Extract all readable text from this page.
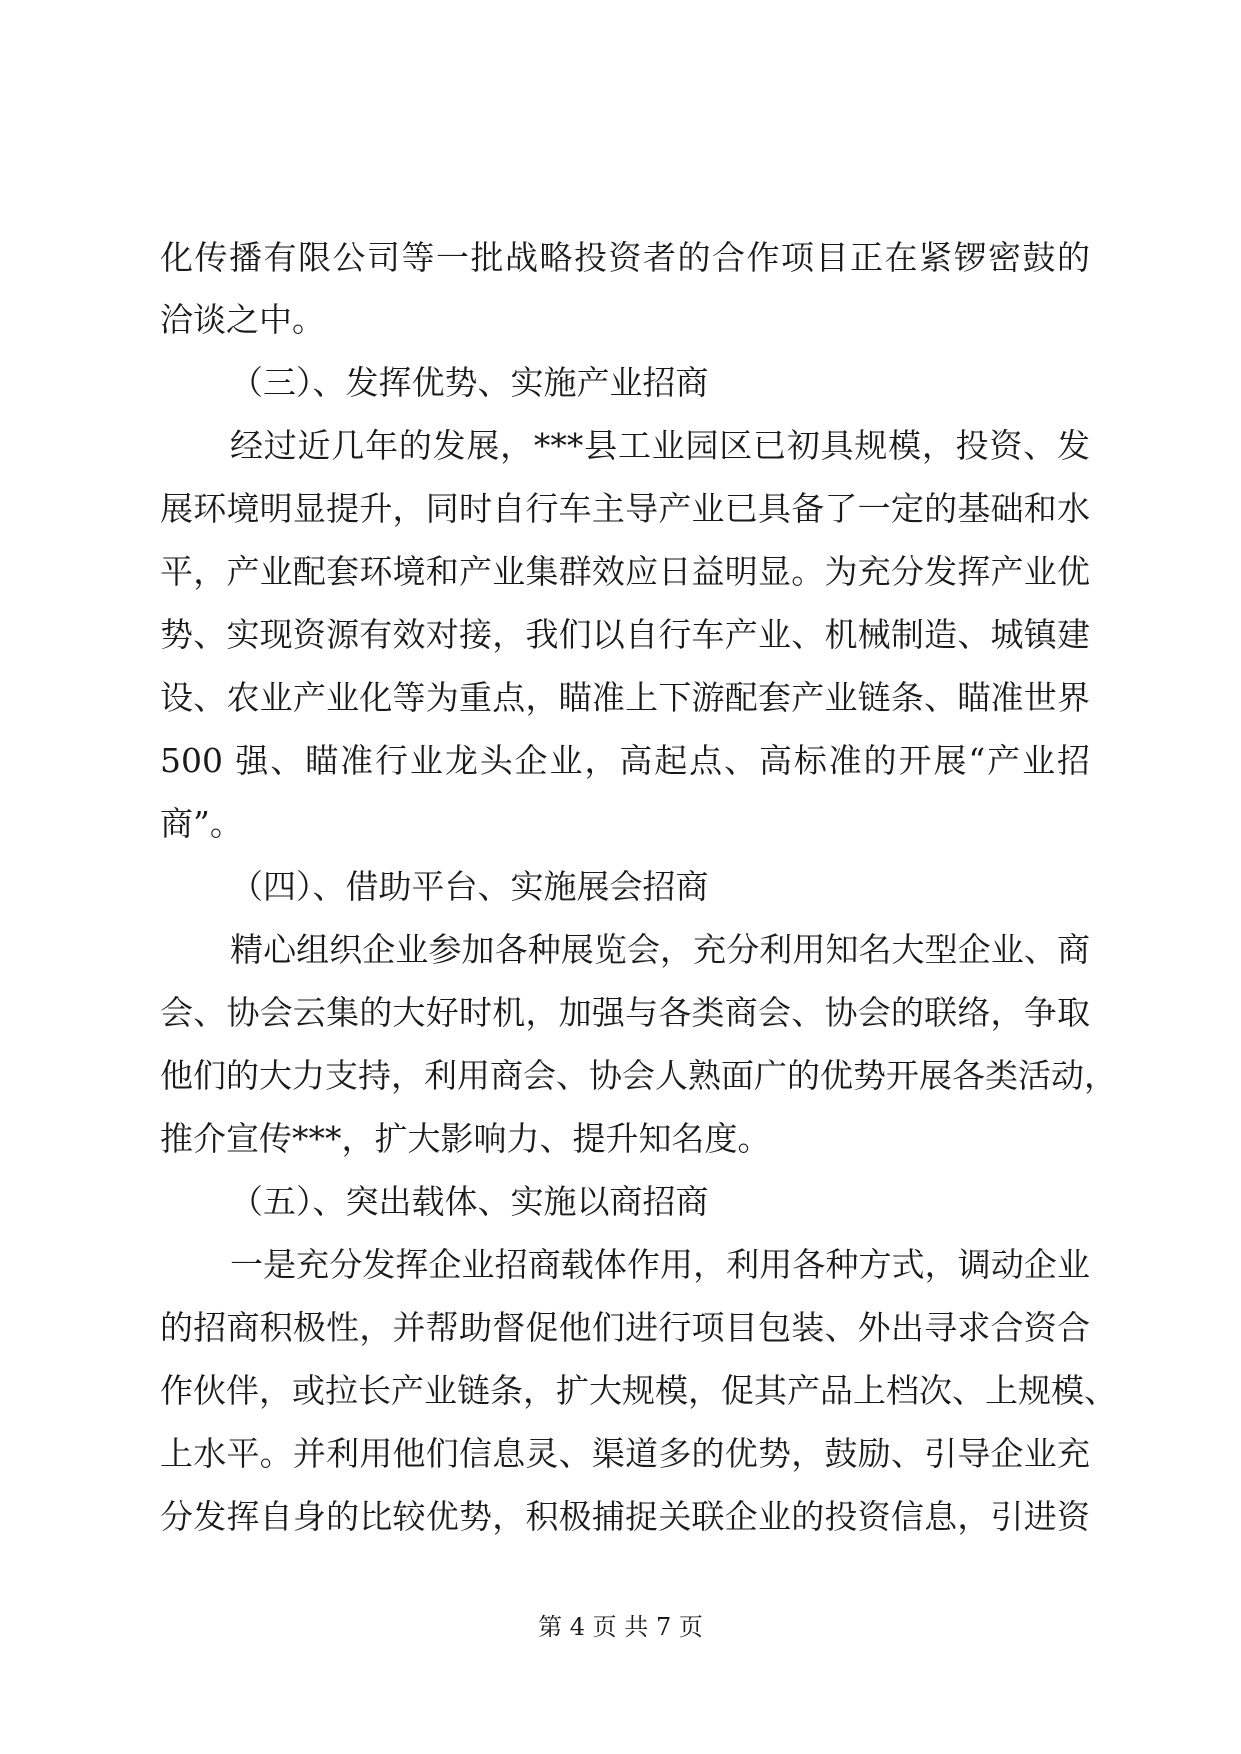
化传播有限公司等一批战略投资者的合作项目正在紧锣密鼓的
洽谈之中。
（三）、发挥优势、实施产业招商
经过近几年的发展，***县工业园区已初具规模，投资、发
展环境明显提升，同时自行车主导产业已具备了一定的基础和水
平，产业配套环境和产业集群效应日益明显。为充分发挥产业优
势、实现资源有效对接，我们以自行车产业、机械制造、城镇建
设、农业产业化等为重点，瞄准上下游配套产业链条、瞄准世界
500 强、瞄准行业龙头企业，高起点、高标准的开展“产业招
商”。
（四）、借助平台、实施展会招商
精心组织企业参加各种展览会，充分利用知名大型企业、商
会、协会云集的大好时机，加强与各类商会、协会的联络，争取
他们的大力支持，利用商会、协会人熟面广的优势开展各类活动，
推介宣传***，扩大影响力、提升知名度。
（五）、突出载体、实施以商招商
一是充分发挥企业招商载体作用，利用各种方式，调动企业
的招商积极性，并帮助督促他们进行项目包装、外出寻求合资合
作伙伴，或拉长产业链条，扩大规模，促其产品上档次、上规模、
上水平。并利用他们信息灵、渠道多的优势，鼓励、引导企业充
分发挥自身的比较优势，积极捕捉关联企业的投资信息，引进资
第 4 页 共 7 页
